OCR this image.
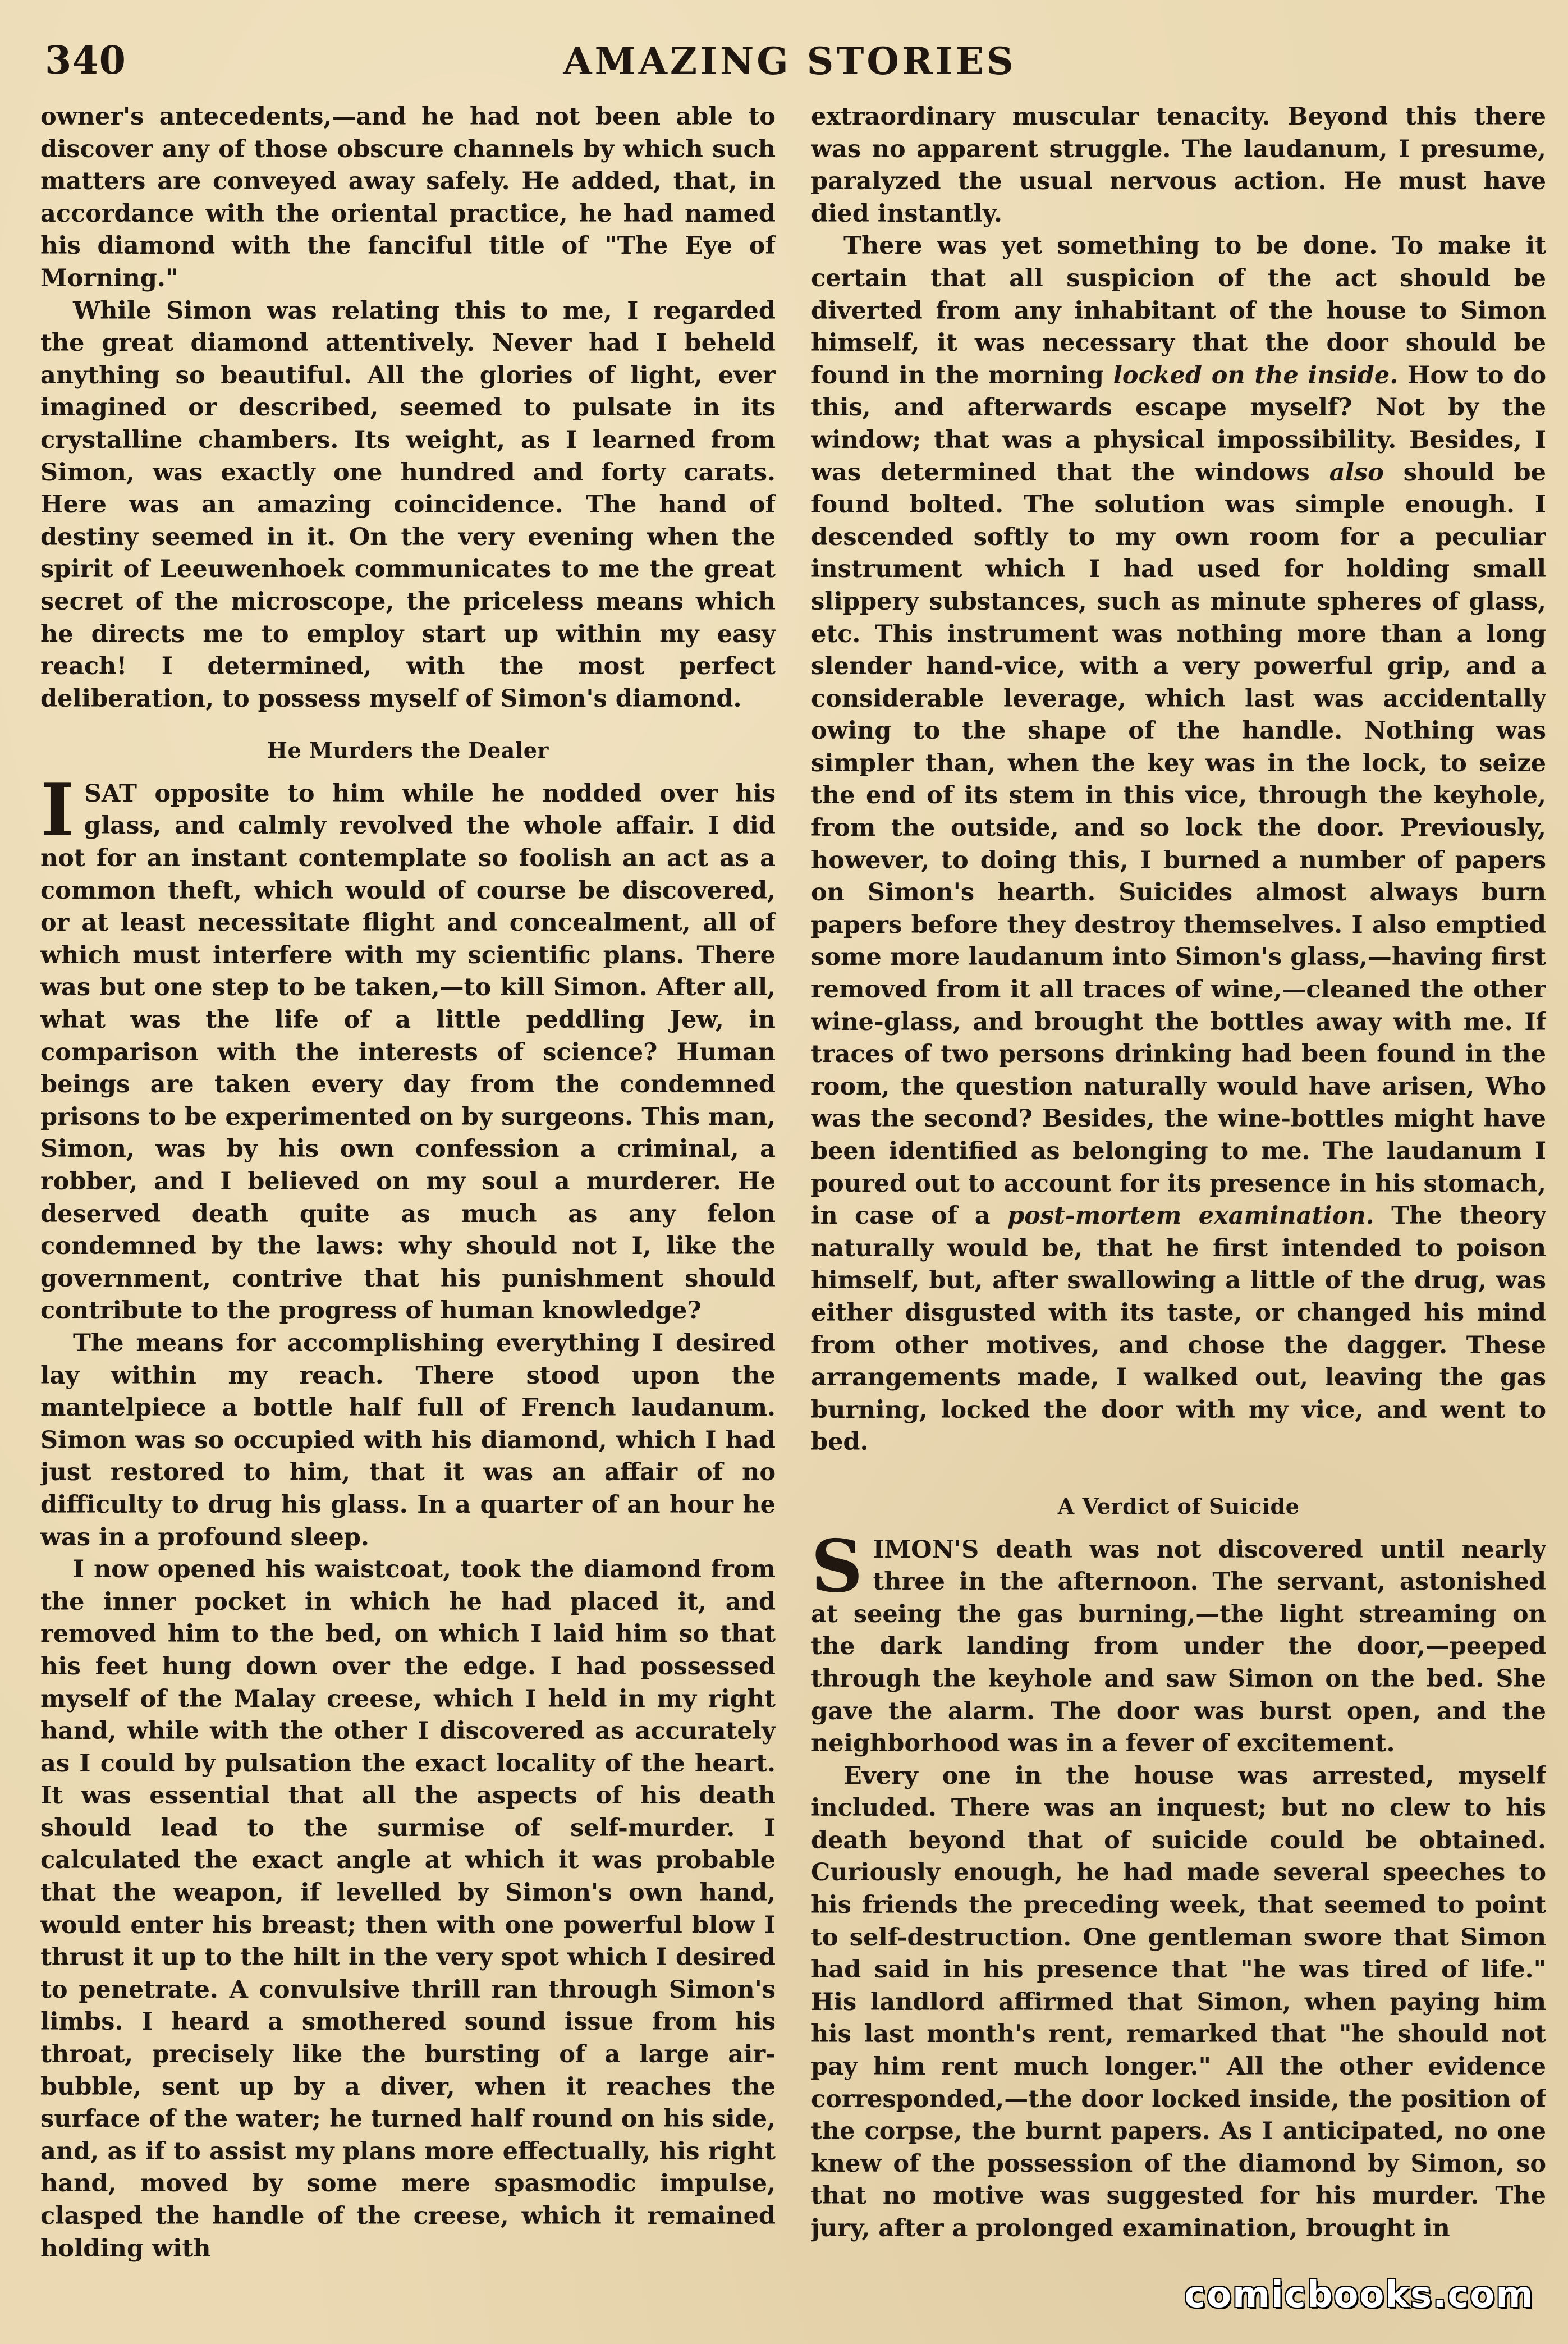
340	AMAZING STORIES

owner's antecedents,—and he had not been able to discover any of those obscure channels by which such matters are conveyed away safely. He added, that, in accordance with the oriental practice, he had named his diamond with the fanciful title of "The Eye of Morning."

While Simon was relating this to me, I regarded the great diamond attentively. Never had I beheld anything so beautiful. All the glories of light, ever imagined or described, seemed to pulsate in its crystalline chambers. Its weight, as I learned from Simon, was exactly one hundred and forty carats. Here was an amazing coincidence. The hand of destiny seemed in it. On the very evening when the spirit of Leeuwenhoek communicates to me the great secret of the microscope, the priceless means which he directs me to employ start up within my easy reach! I determined, with the most perfect deliberation, to possess myself of Simon's diamond.

He Murders the Dealer

ISAT opposite to him while he nodded over his glass, and calmly revolved the whole affair. I did not for an instant contemplate so foolish an act as a common theft, which would of course be discovered, or at least necessitate flight and concealment, all of which must interfere with my scientific plans. There was but one step to be taken,—to kill Simon. After all, what was the life of a little peddling Jew, in comparison with the interests of science? Human beings are taken every day from the condemned prisons to be experimented on by surgeons. This man, Simon, was by his own confession a criminal, a robber, and I believed on my soul a murderer. He deserved death quite as much as any felon condemned by the laws: why should not I, like the government, contrive that his punishment should contribute to the progress of human knowledge?

The means for accomplishing everything I desired lay within my reach. There stood upon the mantelpiece a bottle half full of French laudanum. Simon was so occupied with his diamond, which I had just restored to him, that it was an affair of no difficulty to drug his glass. In a quarter of an hour he was in a profound sleep.

I now opened his waistcoat, took the diamond from the inner pocket in which he had placed it, and removed him to the bed, on which I laid him so that his feet hung down over the edge. I had possessed myself of the Malay creese, which I held in my right hand, while with the other I discovered as accurately as I could by pulsation the exact locality of the heart. It was essential that all the aspects of his death should lead to the surmise of self-murder. I calculated the exact angle at which it was probable that the weapon, if levelled by Simon's own hand, would enter his breast; then with one powerful blow I thrust it up to the hilt in the very spot which I desired to penetrate. A convulsive thrill ran through Simon's limbs. I heard a smothered sound issue from his throat, precisely like the bursting of a large air-bubble, sent up by a diver, when it reaches the surface of the water; he turned half round on his side, and, as if to assist my plans more effectually, his right hand, moved by some mere spasmodic impulse, clasped the handle of the creese, which it remained holding with

extraordinary muscular tenacity. Beyond this there was no apparent struggle. The laudanum, I presume, paralyzed the usual nervous action. He must have died instantly.

There was yet something to be done. To make it certain that all suspicion of the act should be diverted from any inhabitant of the house to Simon himself, it was necessary that the door should be found in the morning locked on the inside. How to do this, and afterwards escape myself? Not by the window; that was a physical impossibility. Besides, I was determined that the windows also should be found bolted. The solution was simple enough. I descended softly to my own room for a peculiar instrument which I had used for holding small slippery substances, such as minute spheres of glass, etc. This instrument was nothing more than a long slender hand-vice, with a very powerful grip, and a considerable leverage, which last was accidentally owing to the shape of the handle. Nothing was simpler than, when the key was in the lock, to seize the end of its stem in this vice, through the keyhole, from the outside, and so lock the door. Previously, however, to doing this, I burned a number of papers on Simon's hearth. Suicides almost always burn papers before they destroy themselves. I also emptied some more laudanum into Simon's glass,—having first removed from it all traces of wine,—cleaned the other wine-glass, and brought the bottles away with me. If traces of two persons drinking had been found in the room, the question naturally would have arisen, Who was the second? Besides, the wine-bottles might have been identified as belonging to me. The laudanum I poured out to account for its presence in his stomach, in case of a post-mortem examination. The theory naturally would be, that he first intended to poison himself, but, after swallowing a little of the drug, was either disgusted with its taste, or changed his mind from other motives, and chose the dagger. These arrangements made, I walked out, leaving the gas burning, locked the door with my vice, and went to bed.

A Verdict of Suicide

SIMON'S death was not discovered until nearly three in the afternoon. The servant, astonished at seeing the gas burning,—the light streaming on the dark landing from under the door,—peeped through the keyhole and saw Simon on the bed. She gave the alarm. The door was burst open, and the neighborhood was in a fever of excitement.

Every one in the house was arrested, myself included. There was an inquest; but no clew to his death beyond that of suicide could be obtained. Curiously enough, he had made several speeches to his friends the preceding week, that seemed to point to self-destruction. One gentleman swore that Simon had said in his presence that "he was tired of life." His landlord affirmed that Simon, when paying him his last month's rent, remarked that "he should not pay him rent much longer." All the other evidence corresponded,—the door locked inside, the position of the corpse, the burnt papers. As I anticipated, no one knew of the possession of the diamond by Simon, so that no motive was suggested for his murder. The jury, after a prolonged examination, brought in

comicbooks.com
